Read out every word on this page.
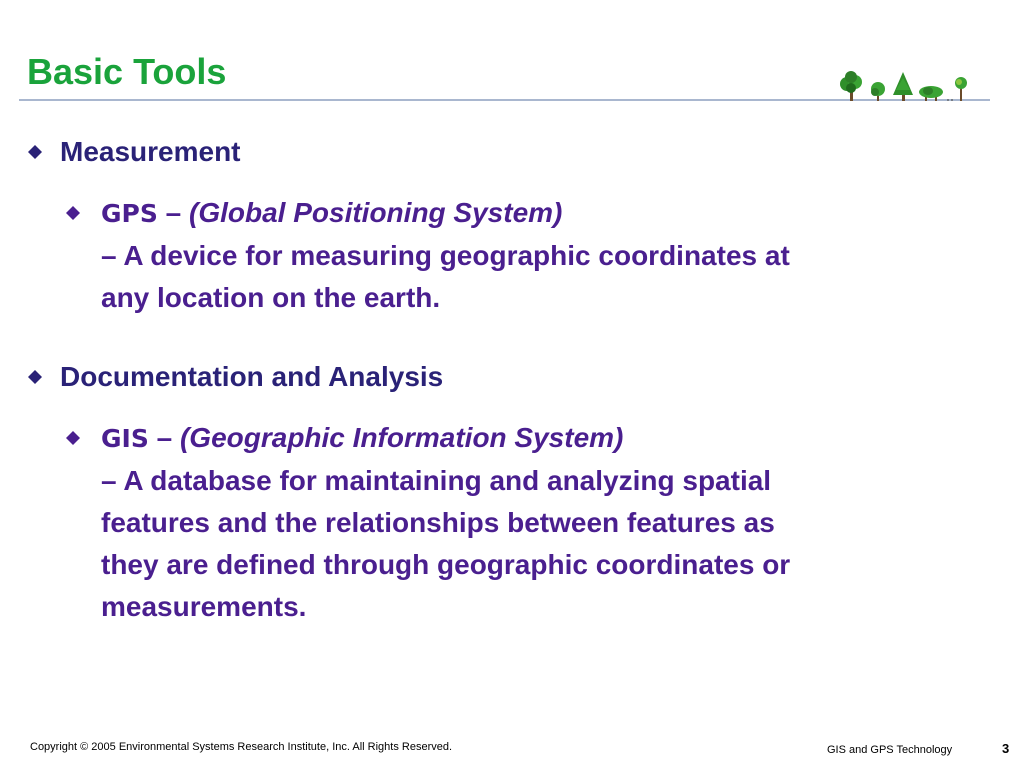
Basic Tools
Measurement
GPS – (Global Positioning System)
– A device for measuring geographic coordinates at
any location on the earth.
Documentation and Analysis
GIS – (Geographic Information System)
– A database for maintaining and analyzing spatial
features and the relationships between features as
they are defined through geographic coordinates or
measurements.
Copyright © 2005 Environmental Systems Research Institute, Inc. All Rights Reserved.	GIS and GPS Technology	3
